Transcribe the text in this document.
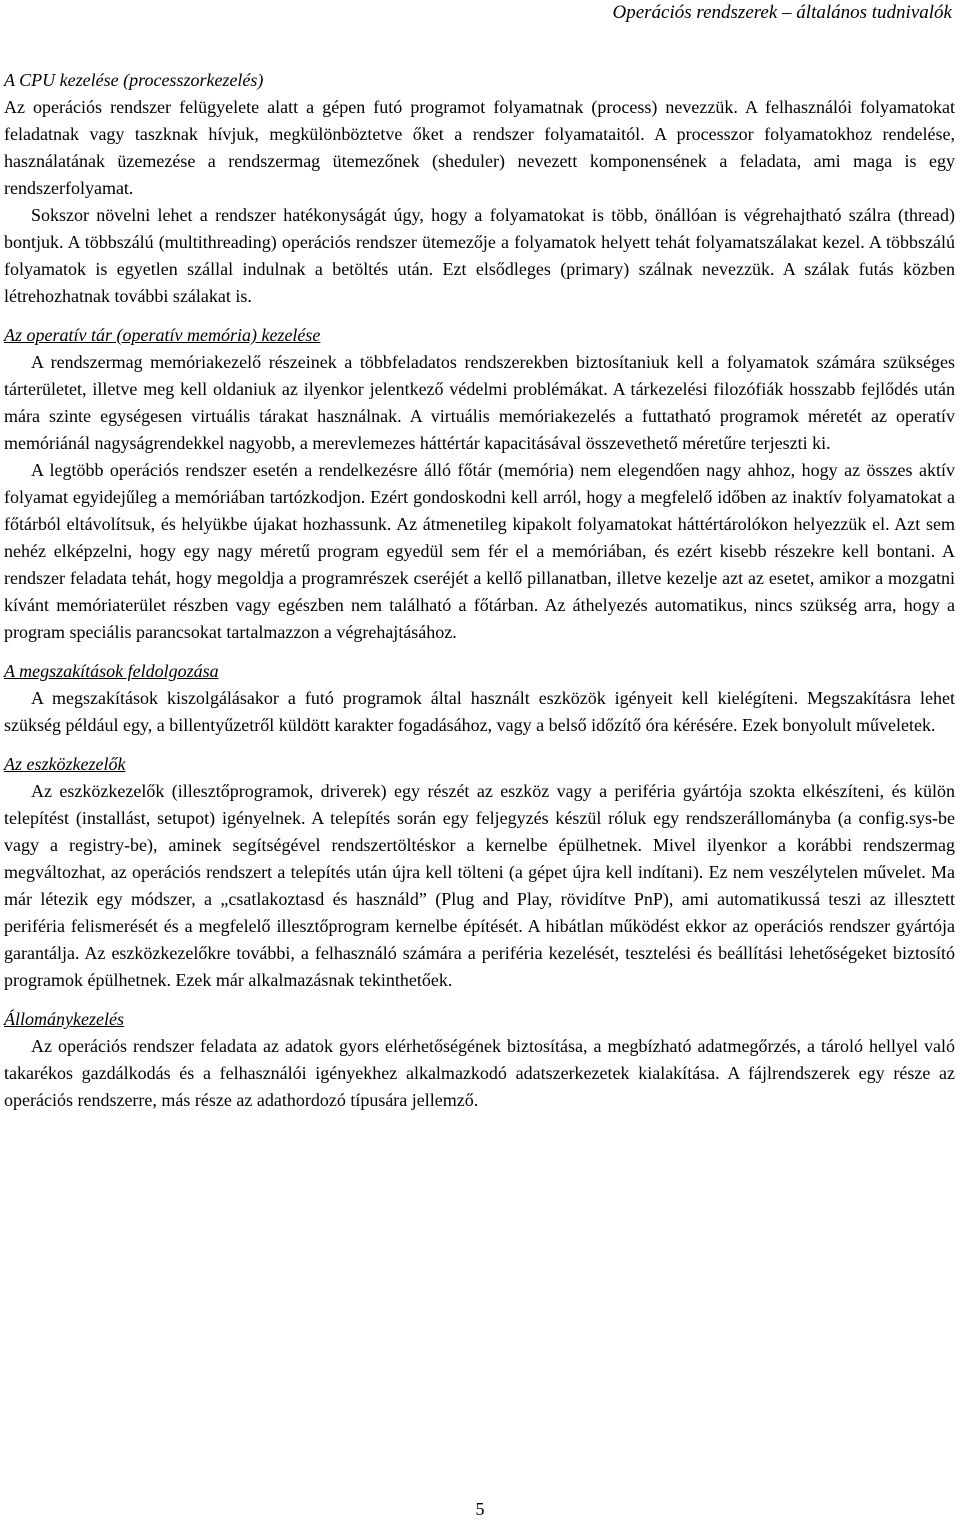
Operációs rendszerek – általános tudnivalók
A CPU kezelése (processzorkezelés)

Az operációs rendszer felügyelete alatt a gépen futó programot folyamatnak (process) nevezzük. A felhasználói folyamatokat feladatnak vagy taszknak hívjuk, megkülönböztetve őket a rendszer folyamataitól. A processzor folyamatokhoz rendelése, használatának üzemezése a rendszermag ütemezőnek (sheduler) nevezett komponensének a feladata, ami maga is egy rendszerfolyamat.

Sokszor növelni lehet a rendszer hatékonyságát úgy, hogy a folyamatokat is több, önállóan is végrehajtható szálra (thread) bontjuk. A többszálú (multithreading) operációs rendszer ütemezője a folyamatok helyett tehát folyamatszálakat kezel. A többszálú folyamatok is egyetlen szállal indulnak a betöltés után. Ezt elsődleges (primary) szálnak nevezzük. A szálak futás közben létrehozhatnak további szálakat is.

Az operatív tár (operatív memória) kezelése

A rendszermag memóriakezelő részeinek a többfeladatos rendszerekben biztosítaniuk kell a folyamatok számára szükséges tárterületet, illetve meg kell oldaniuk az ilyenkor jelentkező védelmi problémákat. A tárkezelési filozófiák hosszabb fejlődés után mára szinte egységesen virtuális tárakat használnak. A virtuális memóriakezelés a futtatható programok méretét az operatív memóriánál nagyságrendekkel nagyobb, a merevlemezes háttértár kapacitásával összevethető méretűre terjeszti ki.

A legtöbb operációs rendszer esetén a rendelkezésre álló főtár (memória) nem elegendően nagy ahhoz, hogy az összes aktív folyamat egyidejűleg a memóriában tartózkodjon. Ezért gondoskodni kell arról, hogy a megfelelő időben az inaktív folyamatokat a főtárból eltávolítsuk, és helyükbe újakat hozhassunk. Az átmenetileg kipakolt folyamatokat háttértárolókon helyezzük el. Azt sem nehéz elképzelni, hogy egy nagy méretű program egyedül sem fér el a memóriában, és ezért kisebb részekre kell bontani. A rendszer feladata tehát, hogy megoldja a programrészek cseréjét a kellő pillanatban, illetve kezelje azt az esetet, amikor a mozgatni kívánt memóriaterület részben vagy egészben nem található a főtárban. Az áthelyezés automatikus, nincs szükség arra, hogy a program speciális parancsokat tartalmazzon a végrehajtásához.

A megszakítások feldolgozása

A megszakítások kiszolgálásakor a futó programok által használt eszközök igényeit kell kielégíteni. Megszakításra lehet szükség például egy, a billentyűzetről küldött karakter fogadásához, vagy a belső időzítő óra kérésére. Ezek bonyolult műveletek.

Az eszközkezelők

Az eszközkezelők (illesztőprogramok, driverek) egy részét az eszköz vagy a periféria gyártója szokta elkészíteni, és külön telepítést (installást, setupot) igényelnek. A telepítés során egy feljegyzés készül róluk egy rendszerállományba (a config.sys-be vagy a registry-be), aminek segítségével rendszertöltéskor a kernelbe épülhetnek. Mivel ilyenkor a korábbi rendszermag megváltozhat, az operációs rendszert a telepítés után újra kell tölteni (a gépet újra kell indítani). Ez nem veszélytelen művelet. Ma már létezik egy módszer, a „csatlakoztasd és használd” (Plug and Play, rövidítve PnP), ami automatikussá teszi az illesztett periféria felismerését és a megfelelő illesztőprogram kernelbe építését. A hibátlan működést ekkor az operációs rendszer gyártója garantálja. Az eszközkezelőkre további, a felhasználó számára a periféria kezelését, tesztelési és beállítási lehetőségeket biztosító programok épülhetnek. Ezek már alkalmazásnak tekinthetőek.

Állománykezelés

Az operációs rendszer feladata az adatok gyors elérhetőségének biztosítása, a megbízható adatmegőrzés, a tároló hellyel való takarékos gazdálkodás és a felhasználói igényekhez alkalmazkodó adatszerkezetek kialakítása. A fájlrendszerek egy része az operációs rendszerre, más része az adathordozó típusára jellemző.

5
